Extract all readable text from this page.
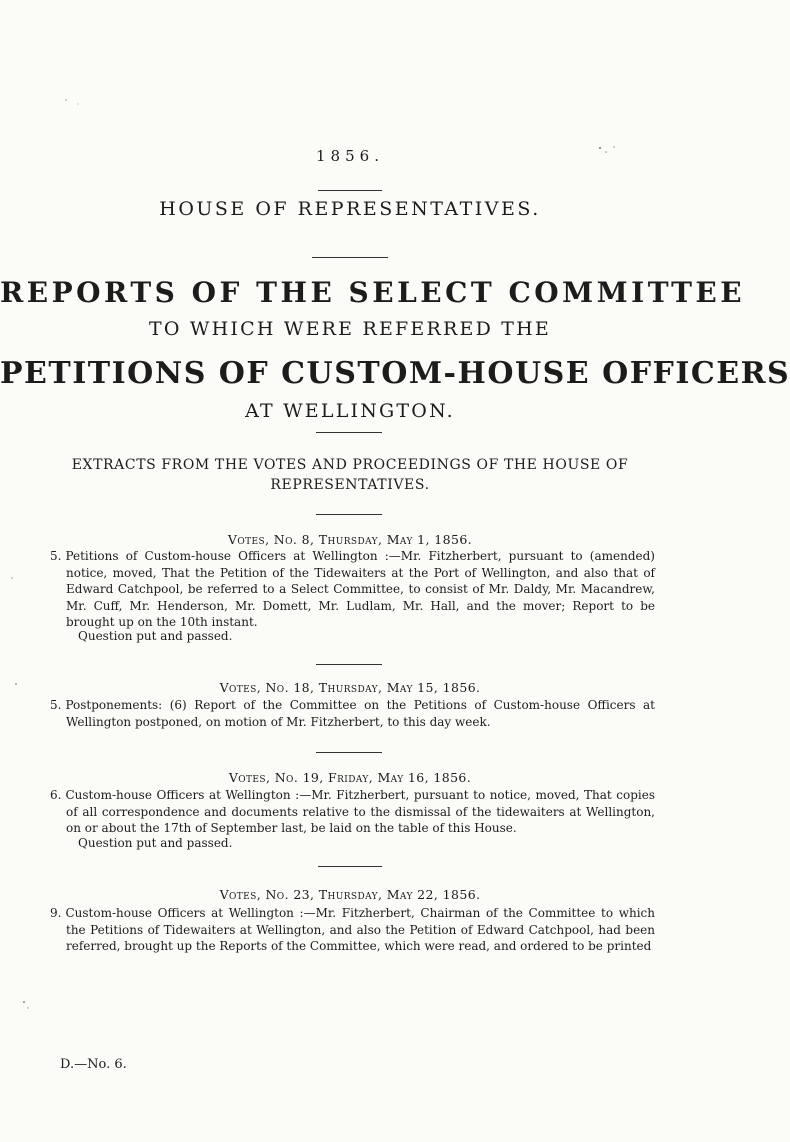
1856.
HOUSE OF REPRESENTATIVES.
REPORTS OF THE SELECT COMMITTEE
TO WHICH WERE REFERRED THE
PETITIONS OF CUSTOM-HOUSE OFFICERS
AT WELLINGTON.
EXTRACTS FROM THE VOTES AND PROCEEDINGS OF THE HOUSE OF
REPRESENTATIVES.
Votes, No. 8, Thursday, May 1, 1856.
5. Petitions of Custom-house Officers at Wellington :—Mr. Fitzherbert, pursuant to (amended) notice, moved, That the Petition of the Tidewaiters at the Port of Wellington, and also that of Edward Catchpool, be referred to a Select Committee, to consist of Mr. Daldy, Mr. Macandrew, Mr. Cuff, Mr. Henderson, Mr. Domett, Mr. Ludlam, Mr. Hall, and the mover; Report to be brought up on the 10th instant.
Question put and passed.
Votes, No. 18, Thursday, May 15, 1856.
5. Postponements: (6) Report of the Committee on the Petitions of Custom-house Officers at Wellington postponed, on motion of Mr. Fitzherbert, to this day week.
Votes, No. 19, Friday, May 16, 1856.
6. Custom-house Officers at Wellington :—Mr. Fitzherbert, pursuant to notice, moved, That copies of all correspondence and documents relative to the dismissal of the tidewaiters at Wellington, on or about the 17th of September last, be laid on the table of this House.
Question put and passed.
Votes, No. 23, Thursday, May 22, 1856.
9. Custom-house Officers at Wellington :—Mr. Fitzherbert, Chairman of the Committee to which the Petitions of Tidewaiters at Wellington, and also the Petition of Edward Catchpool, had been referred, brought up the Reports of the Committee, which were read, and ordered to be printed
D.—No. 6.
